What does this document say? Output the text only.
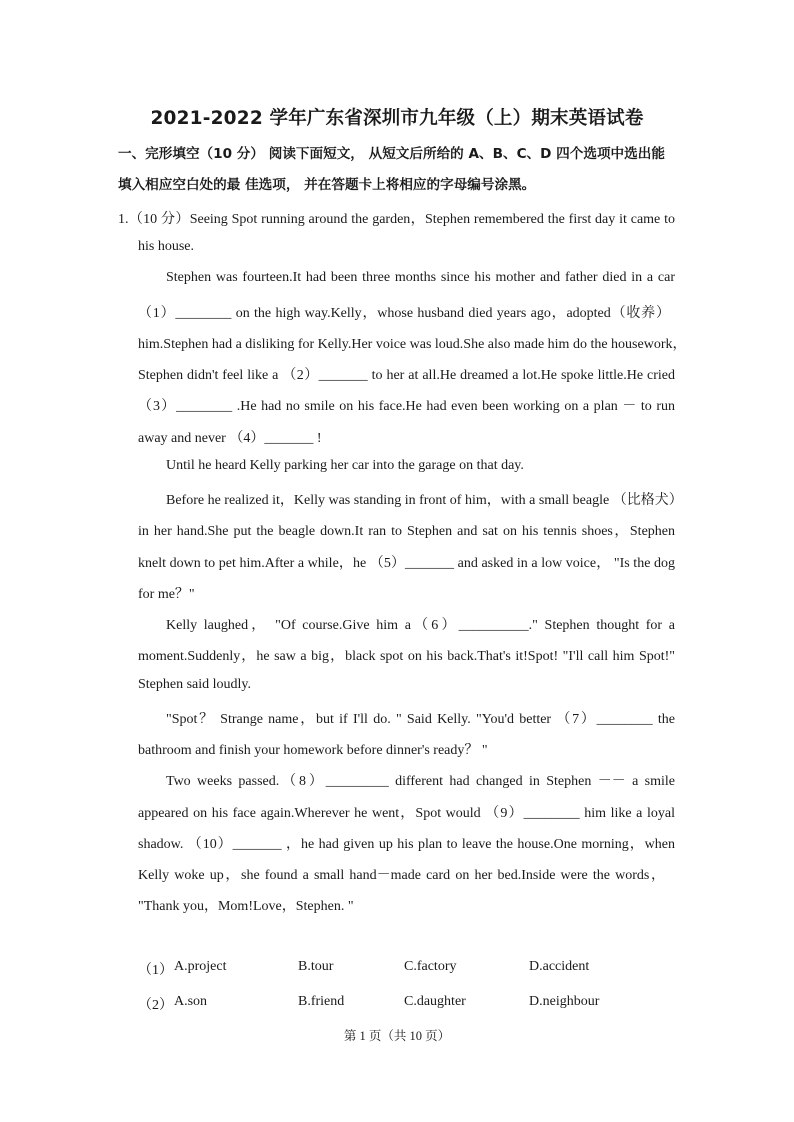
2021-2022 学年广东省深圳市九年级（上）期末英语试卷
一、完形填空（10 分） 阅读下面短文， 从短文后所给的 A、B、C、D 四个选项中选出能
填入相应空白处的最 佳选项， 并在答题卡上将相应的字母编号涂黑。
1.（10 分）Seeing Spot running around the garden，Stephen remembered the first day it came to
his house.
Stephen was fourteen.It had been three months since his mother and father died in a car
（1）________ on the high way.Kelly，whose husband died years ago，adopted（收养）
him.Stephen had a disliking for Kelly.Her voice was loud.She also made him do the housework，
Stephen didn't feel like a （2）_______ to her at all.He dreamed a lot.He spoke little.He cried
（3）________ .He had no smile on his face.He had even been working on a plan － to run
away and never （4）_______ !
Until he heard Kelly parking her car into the garage on that day.
Before he realized it，Kelly was standing in front of him，with a small beagle （比格犬）
in her hand.She put the beagle down.It ran to Stephen and sat on his tennis shoes，Stephen
knelt down to pet him.After a while，he （5）_______ and asked in a low voice， "Is the dog
for me？"
Kelly laughed， "Of course.Give him a（6）__________." Stephen thought for a
moment.Suddenly，he saw a big，black spot on his back.That's it!Spot! "I'll call him Spot!"
Stephen said loudly.
"Spot？ Strange name，but if I'll do. " Said Kelly. "You'd better （7）________ the
bathroom and finish your homework before dinner's ready？ "
Two weeks passed.（8）_________ different had changed in Stephen －－ a smile
appeared on his face again.Wherever he went，Spot would （9）________ him like a loyal
shadow. （10）_______ ，he had given up his plan to leave the house.One morning，when
Kelly woke up，she found a small hand－made card on her bed.Inside were the words，
"Thank you，Mom!Love，Stephen. "
（1） A.project	B.tour	C.factory	D.accident
（2） A.son	B.friend	C.daughter	D.neighbour
第 1 页（共 10 页）
